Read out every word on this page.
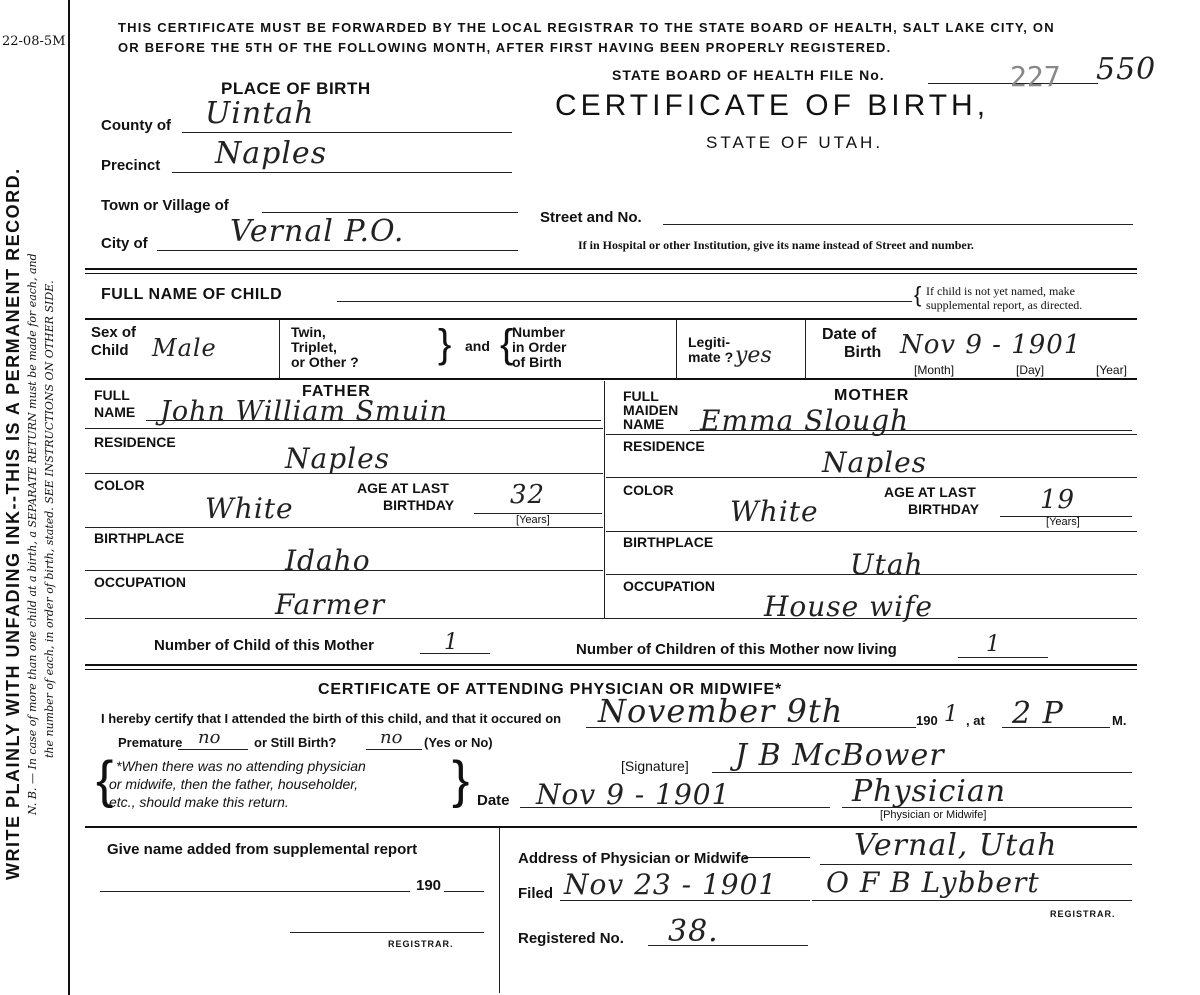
22-08-5M
WRITE PLAINLY WITH UNFADING INK--THIS IS A PERMANENT RECORD. N. B. — In case of more than one child at a birth, a SEPARATE RETURN must be made for each, and the number of each, in order of birth, stated. SEE INSTRUCTIONS ON OTHER SIDE.
THIS CERTIFICATE MUST BE FORWARDED BY THE LOCAL REGISTRAR TO THE STATE BOARD OF HEALTH, SALT LAKE CITY, ON
OR BEFORE THE 5TH OF THE FOLLOWING MONTH, AFTER FIRST HAVING BEEN PROPERLY REGISTERED.
PLACE OF BIRTH
STATE BOARD OF HEALTH FILE No.	227 550
CERTIFICATE OF BIRTH,
STATE OF UTAH.
County of Uintah
Precinct Naples
Town or Village of
City of	Vernal P.O.	Street and No.
If in Hospital or other Institution, give its name instead of Street and number.
FULL NAME OF CHILD	{ If child is not yet named, make
supplemental report, as directed.
Sex of
Child Male
Twin,
Triplet,
or Other ? } and {
Number
in Order
of Birth
Legiti-
mate ? yes
Date of
Birth Nov 9 - 1901
[Month]	[Day]	[Year]
FATHER
FULL
NAME John William Smuin
RESIDENCE	Naples
COLOR
White
AGE AT LAST
BIRTHDAY 32
[Years]
BIRTHPLACE
Idaho
OCCUPATION
Farmer
MOTHER
FULL
MAIDEN
NAME Emma Slough
RESIDENCE	Naples
COLOR
White
AGE AT LAST
BIRTHDAY 19
[Years]
BIRTHPLACE
Utah
OCCUPATION
House wife
Number of Child of this Mother	1	Number of Children of this Mother now living	1
CERTIFICATE OF ATTENDING PHYSICIAN OR MIDWIFE*
I hereby certify that I attended the birth of this child, and that it occured on November 9th	190 1 , at 2 P	M.
Premature no	or Still Birth? no (Yes or No)
{ *When there was no attending physician
or midwife, then the father, householder,
etc., should make this return.	}	[Signature] J B McBower
Date Nov 9 - 1901	Physician
[Physician or Midwife]
Give name added from supplemental report
190
REGISTRAR.
Address of Physician or Midwife	Vernal, Utah
Filed Nov 23 - 1901 O F B Lybbert
REGISTRAR.
Registered No. 38.
